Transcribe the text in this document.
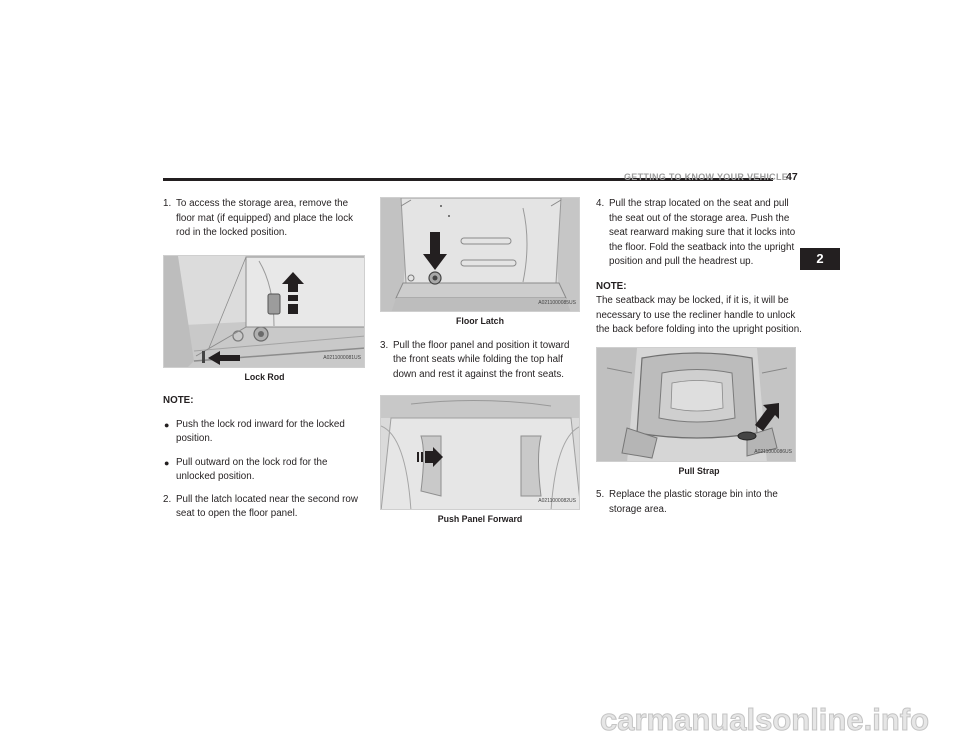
GETTING TO KNOW YOUR VEHICLE
47
2
1. To access the storage area, remove the floor mat (if equipped) and place the lock rod in the locked position.
A0211000081US
Lock Rod
NOTE:
● Push the lock rod inward for the locked position.
● Pull outward on the lock rod for the unlocked position.
2. Pull the latch located near the second row seat to open the floor panel.
A0211000085US
Floor Latch
3. Pull the floor panel and position it toward the front seats while folding the top half down and rest it against the front seats.
A0211000082US
Push Panel Forward
4. Pull the strap located on the seat and pull the seat out of the storage area. Push the seat rearward making sure that it locks into the floor. Fold the seatback into the upright position and pull the headrest up.
NOTE:
The seatback may be locked, if it is, it will be necessary to use the recliner handle to unlock the back before folding into the upright position.
A0211000086US
Pull Strap
5. Replace the plastic storage bin into the storage area.
carmanualsonline.info
